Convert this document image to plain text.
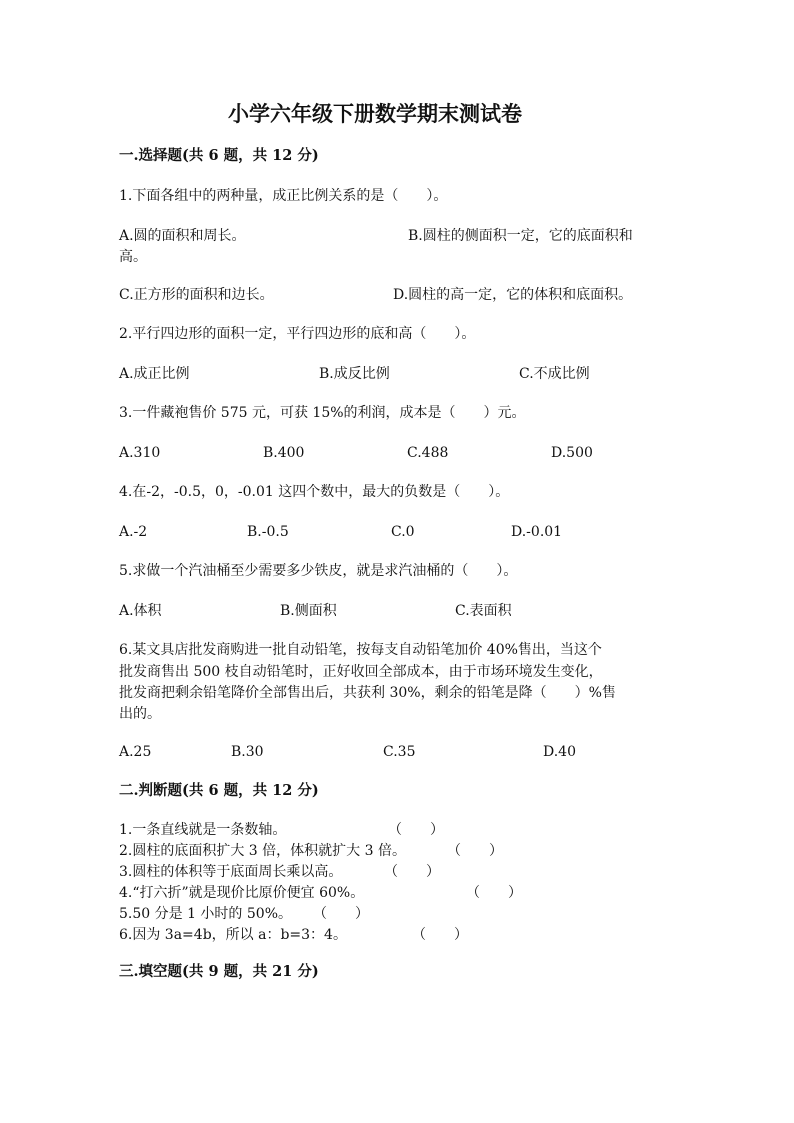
小学六年级下册数学期末测试卷
一.选择题(共 6 题，共 12 分)
1.下面各组中的两种量，成正比例关系的是（　　）。
A.圆的面积和周长。	B.圆柱的侧面积一定，它的底面积和
高。
C.正方形的面积和边长。	D.圆柱的高一定，它的体积和底面积。
2.平行四边形的面积一定，平行四边形的底和高（　　）。
A.成正比例	B.成反比例	C.不成比例
3.一件藏袍售价 575 元，可获 15%的利润，成本是（　　）元。
A.310	B.400	C.488	D.500
4.在-2，-0.5，0，-0.01 这四个数中，最大的负数是（　　）。
A.-2	B.-0.5	C.0	D.-0.01
5.求做一个汽油桶至少需要多少铁皮，就是求汽油桶的（　　）。
A.体积	B.侧面积	C.表面积
6.某文具店批发商购进一批自动铅笔，按每支自动铅笔加价 40%售出，当这个
批发商售出 500 枝自动铅笔时，正好收回全部成本，由于市场环境发生变化，
批发商把剩余铅笔降价全部售出后，共获利 30%，剩余的铅笔是降（　　）%售
出的。
A.25	B.30	C.35	D.40
二.判断题(共 6 题，共 12 分)
1.一条直线就是一条数轴。	（　　）
2.圆柱的底面积扩大 3 倍，体积就扩大 3 倍。	（　　）
3.圆柱的体积等于底面周长乘以高。	（　　）
4.“打六折”就是现价比原价便宜 60%。	（　　）
5.50 分是 1 小时的 50%。 （　　）
6.因为 3a=4b，所以 a：b=3：4。	（　　）
三.填空题(共 9 题，共 21 分)
